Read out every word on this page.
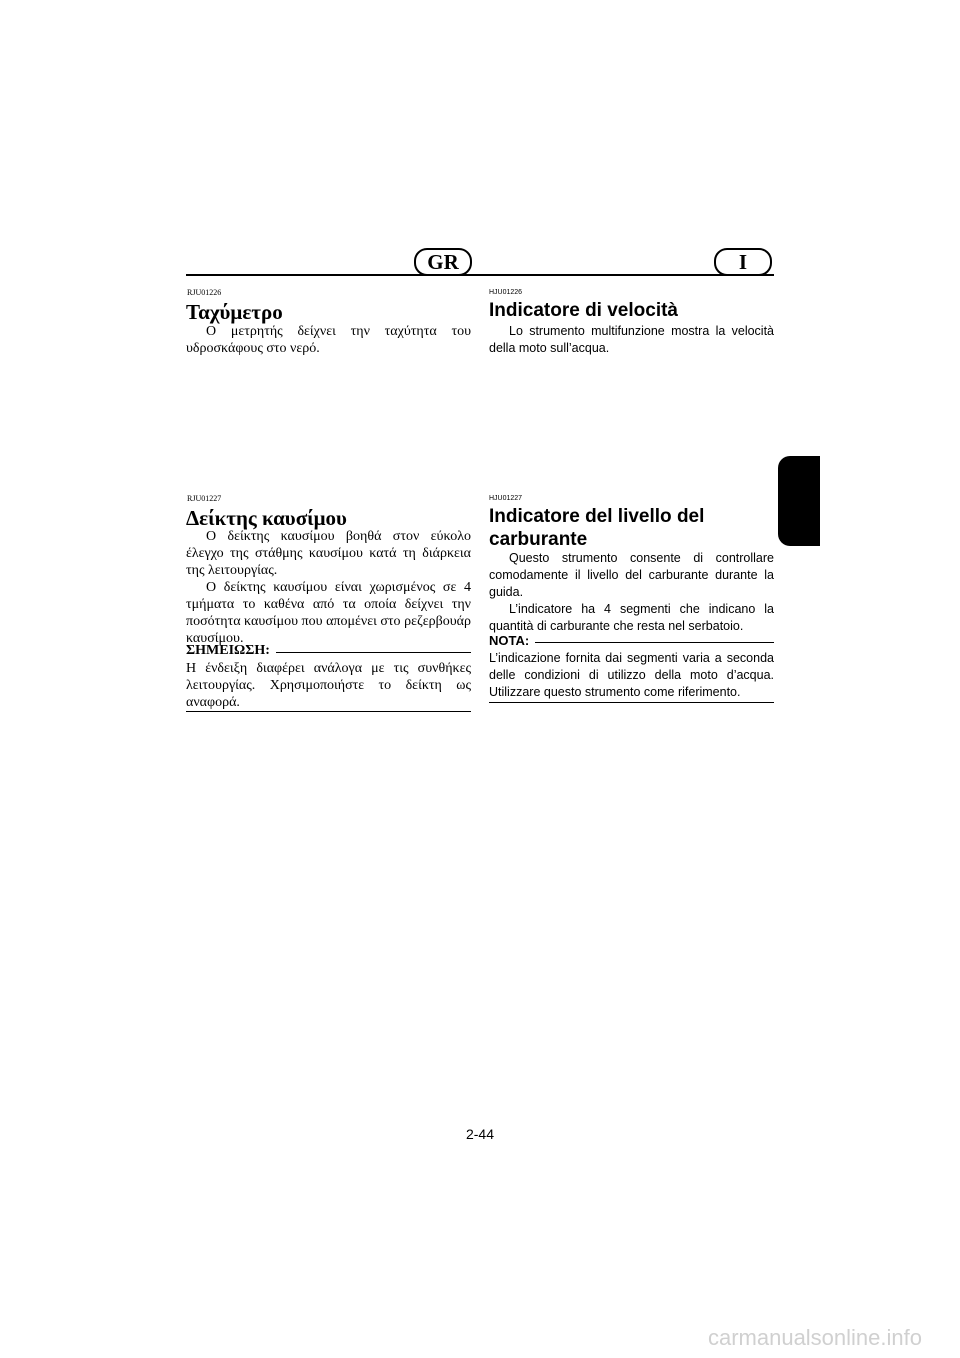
GR	I
RJU01226
Ταχύμετρο

Ο μετρητής δείχνει την ταχύτητα του υδροσκάφους στο νερό.

RJU01227
Δείκτης καυσίμου

Ο δείκτης καυσίμου βοηθά στον εύκολο έλεγχο της στάθμης καυσίμου κατά τη διάρκεια της λειτουργίας.

Ο δείκτης καυσίμου είναι χωρισμένος σε 4 τμήματα το καθένα από τα οποία δείχνει την ποσότητα καυσίμου που απομένει στο ρεζερβουάρ καυσίμου.

ΣΗΜΕΙΩΣΗ:

Η ένδειξη διαφέρει ανάλογα με τις συνθήκες λειτουργίας. Χρησιμοποιήστε το δείκτη ως αναφορά.

HJU01226
Indicatore di velocità

Lo strumento multifunzione mostra la velocità della moto sull’acqua.

HJU01227
Indicatore del livello del
carburante

Questo strumento consente di controllare comodamente il livello del carburante durante la guida.

L’indicatore ha 4 segmenti che indicano la quantità di carburante che resta nel serbatoio.

NOTA:

L’indicazione fornita dai segmenti varia a seconda delle condizioni di utilizzo della moto d’acqua. Utilizzare questo strumento come riferimento.

2-44
carmanualsonline.info
